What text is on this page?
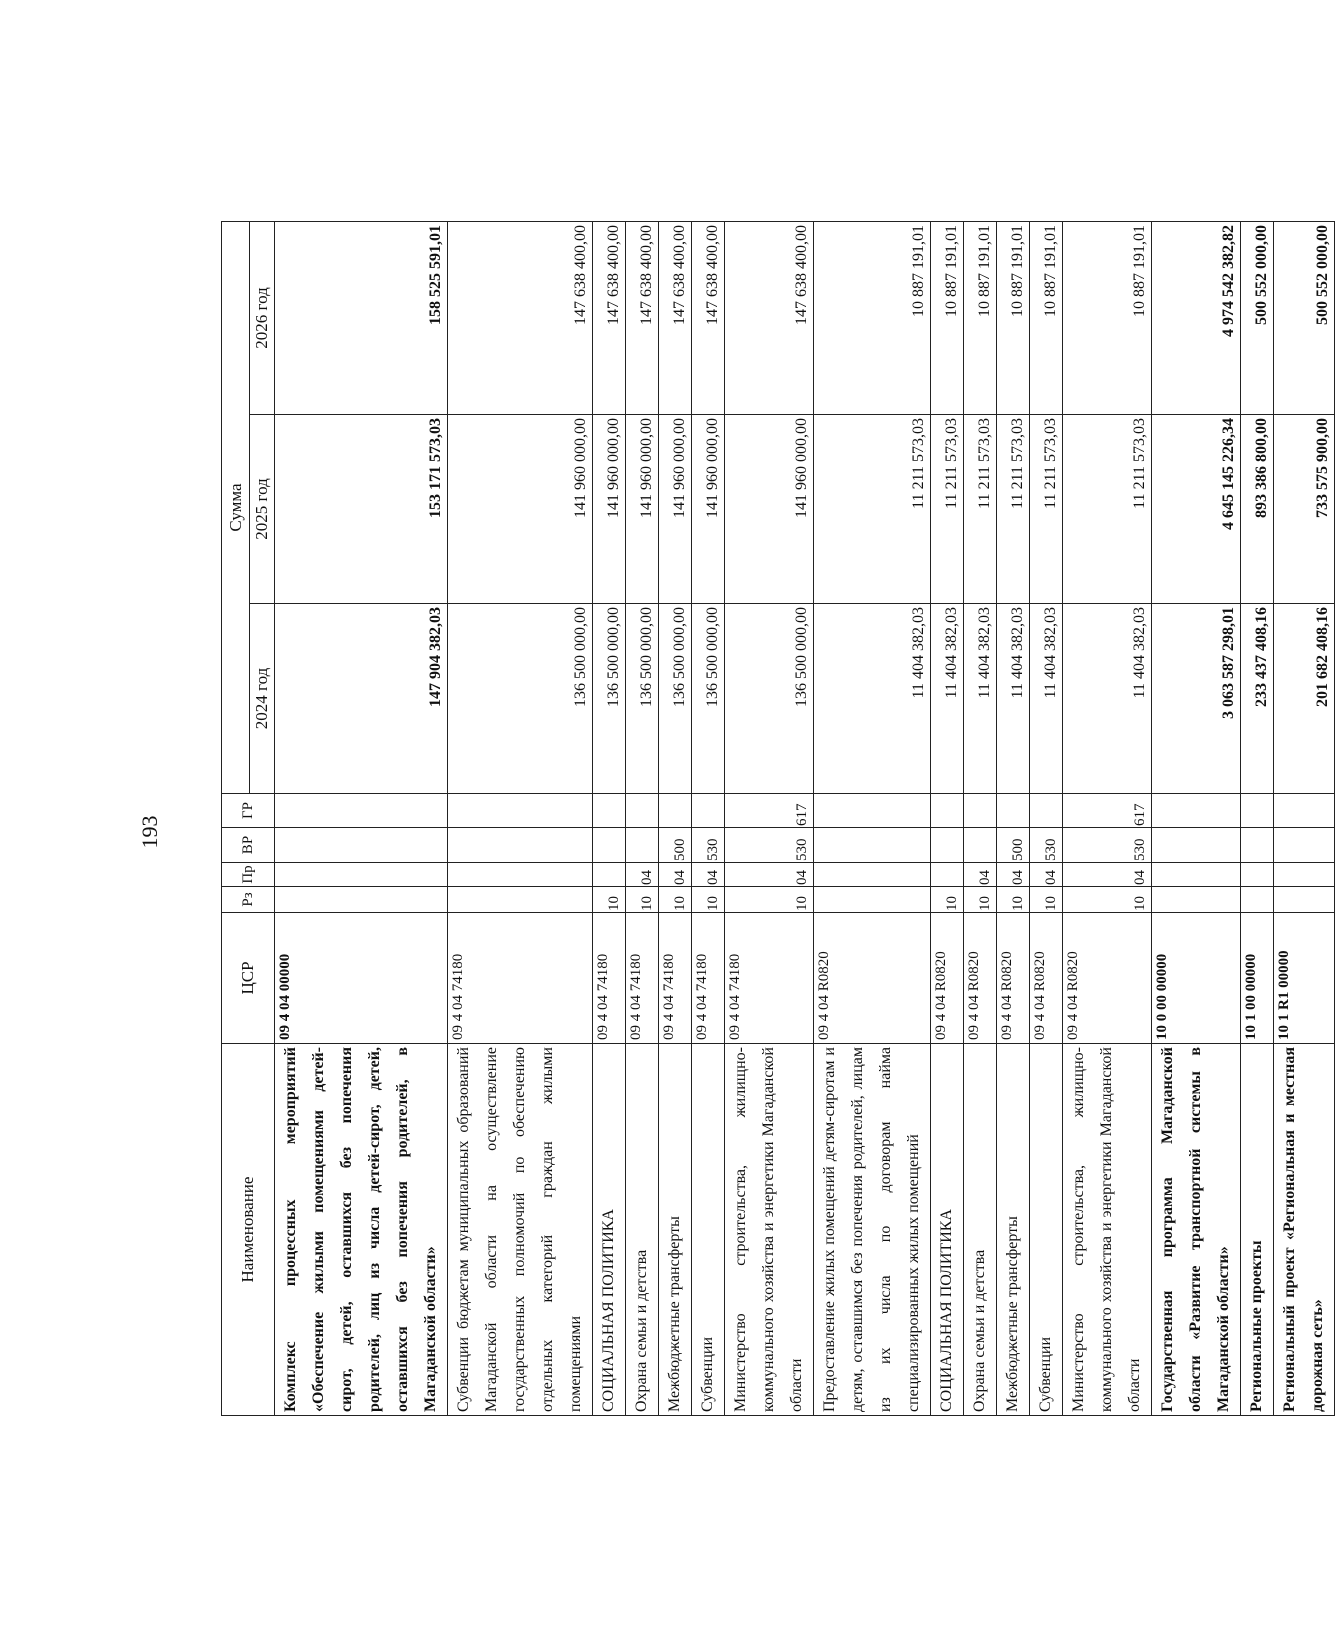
193
Наименование	ЦСР	Рз	Пр	ВР	ГР	Сумма		
						2024 год	2025 год	2026 год
Комплекс процессных мероприятий «Обеспечение жилыми помещениями детей-сирот, детей, оставшихся без попечения родителей, лиц из числа детей-сирот, детей, оставшихся без попечения родителей, в Магаданской области»	09 4 04 00000					147 904 382,03	153 171 573,03	158 525 591,01
Субвенции бюджетам муниципальных образований Магаданской области на осуществление государственных полномочий по обеспечению отдельных категорий граждан жилыми помещениями	09 4 04 74180					136 500 000,00	141 960 000,00	147 638 400,00
СОЦИАЛЬНАЯ ПОЛИТИКА	09 4 04 74180	10				136 500 000,00	141 960 000,00	147 638 400,00
Охрана семьи и детства	09 4 04 74180	10	04			136 500 000,00	141 960 000,00	147 638 400,00
Межбюджетные трансферты	09 4 04 74180	10	04	500		136 500 000,00	141 960 000,00	147 638 400,00
Субвенции	09 4 04 74180	10	04	530		136 500 000,00	141 960 000,00	147 638 400,00
Министерство строительства, жилищно-коммунального хозяйства и энергетики Магаданской области	09 4 04 74180	10	04	530	617	136 500 000,00	141 960 000,00	147 638 400,00
Предоставление жилых помещений детям-сиротам и детям, оставшимся без попечения родителей, лицам из их числа по договорам найма специализированных жилых помещений	09 4 04 R0820					11 404 382,03	11 211 573,03	10 887 191,01
СОЦИАЛЬНАЯ ПОЛИТИКА	09 4 04 R0820	10				11 404 382,03	11 211 573,03	10 887 191,01
Охрана семьи и детства	09 4 04 R0820	10	04			11 404 382,03	11 211 573,03	10 887 191,01
Межбюджетные трансферты	09 4 04 R0820	10	04	500		11 404 382,03	11 211 573,03	10 887 191,01
Субвенции	09 4 04 R0820	10	04	530		11 404 382,03	11 211 573,03	10 887 191,01
Министерство строительства, жилищно-коммунального хозяйства и энергетики Магаданской области	09 4 04 R0820	10	04	530	617	11 404 382,03	11 211 573,03	10 887 191,01
Государственная программа Магаданской области «Развитие транспортной системы в Магаданской области»	10 0 00 00000					3 063 587 298,01	4 645 145 226,34	4 974 542 382,82
Региональные проекты	10 1 00 00000					233 437 408,16	893 386 800,00	500 552 000,00
Региональный проект «Региональная и местная дорожная сеть»	10 1 R1 00000					201 682 408,16	733 575 900,00	500 552 000,00
